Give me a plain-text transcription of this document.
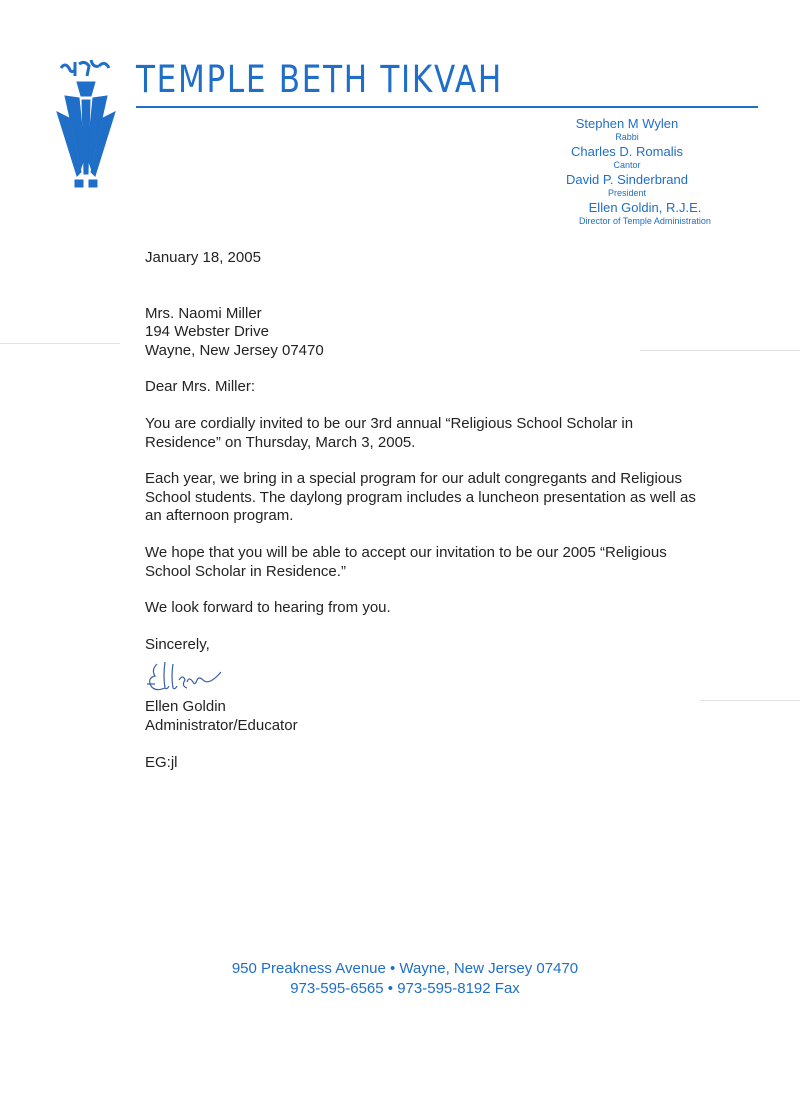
TEMPLE BETH TIKVAH
Stephen M Wylen
Rabbi
Charles D. Romalis
Cantor
David P. Sinderbrand
President
Ellen Goldin, R.J.E.
Director of Temple Administration

January 18, 2005

Mrs. Naomi Miller

194 Webster Drive

Wayne, New Jersey 07470

Dear Mrs. Miller:

You are cordially invited to be our 3rd annual “Religious School Scholar in Residence” on Thursday, March 3, 2005.

Each year, we bring in a special program for our adult congregants and Religious School students. The daylong program includes a luncheon presentation as well as an afternoon program.

We hope that you will be able to accept our invitation to be our 2005 “Religious School Scholar in Residence.”

We look forward to hearing from you.

Sincerely,

Ellen Goldin

Administrator/Educator

EG:jl

950 Preakness Avenue • Wayne, New Jersey 07470
973-595-6565 • 973-595-8192 Fax
